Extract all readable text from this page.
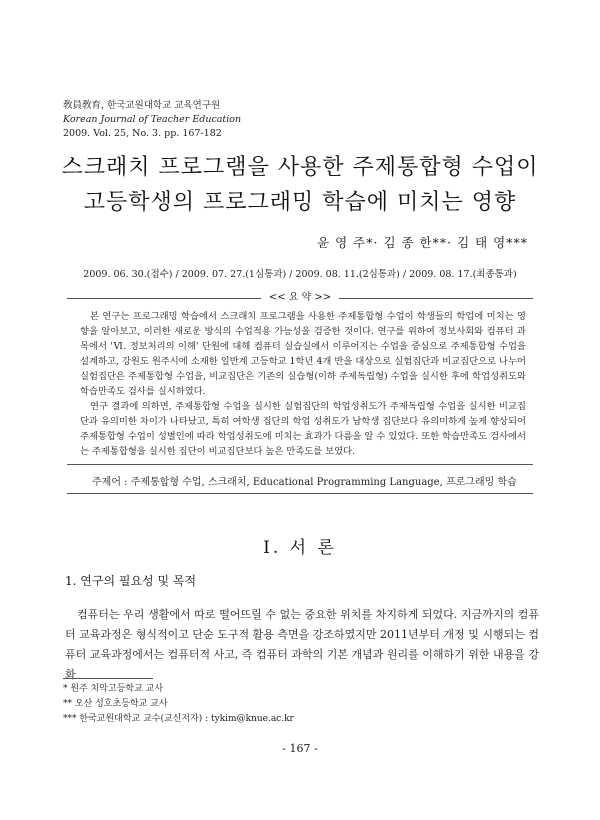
敎員敎育, 한국교원대학교 교육연구원
Korean Journal of Teacher Education
2009. Vol. 25, No. 3. pp. 167-182
스크래치 프로그램을 사용한 주제통합형 수업이
고등학생의 프로그래밍 학습에 미치는 영향
윤 영 주*· 김 종 한**· 김 태 영***
2009. 06. 30.(접수) / 2009. 07. 27.(1심통과) / 2009. 08. 11.(2심통과) / 2009. 08. 17.(최종통과)
<< 요 약 >>

본 연구는 프로그래밍 학습에서 스크래치 프로그램을 사용한 주제통합형 수업이 학생들의 학업에 미치는 영향을 알아보고, 이러한 새로운 방식의 수업적용 가능성을 검증한 것이다. 연구를 위하여 정보사회와 컴퓨터 과목에서 'Ⅵ. 정보처리의 이해' 단원에 대해 컴퓨터 실습실에서 이루어지는 수업을 중심으로 주제통합형 수업을 설계하고, 강원도 원주시에 소재한 일반계 고등학교 1학년 4개 반을 대상으로 실험집단과 비교집단으로 나누어 실험집단은 주제통합형 수업을, 비교집단은 기존의 실습형(이하 주제독립형) 수업을 실시한 후에 학업성취도와 학습만족도 검사를 실시하였다.

연구 결과에 의하면, 주제통합형 수업을 실시한 실험집단의 학업성취도가 주제독립형 수업을 실시한 비교집단과 유의미한 차이가 나타났고, 특히 여학생 집단의 학업 성취도가 남학생 집단보다 유의미하게 높게 향상되어 주제통합형 수업이 성별인에 따라 학업성취도에 미치는 효과가 다름을 알 수 있었다. 또한 학습만족도 검사에서는 주제통합형을 실시한 집단이 비교집단보다 높은 만족도를 보였다.

주제어 : 주제통합형 수업, 스크래치, Educational Programming Language, 프로그래밍 학습
Ⅰ. 서 론
1. 연구의 필요성 및 목적

컴퓨터는 우리 생활에서 따로 떨어뜨릴 수 없는 중요한 위치를 차지하게 되었다. 지금까지의 컴퓨터 교육과정은 형식적이고 단순 도구적 활용 측면을 강조하였지만 2011년부터 개정 및 시행되는 컴퓨터 교육과정에서는 컴퓨터적 사고, 즉 컴퓨터 과학의 기본 개념과 원리를 이해하기 위한 내용을 강화

* 원주 치악고등학교 교사
** 오산 성호초등학교 교사
*** 한국교원대학교 교수(교신저자) : tykim@knue.ac.kr
- 167 -
